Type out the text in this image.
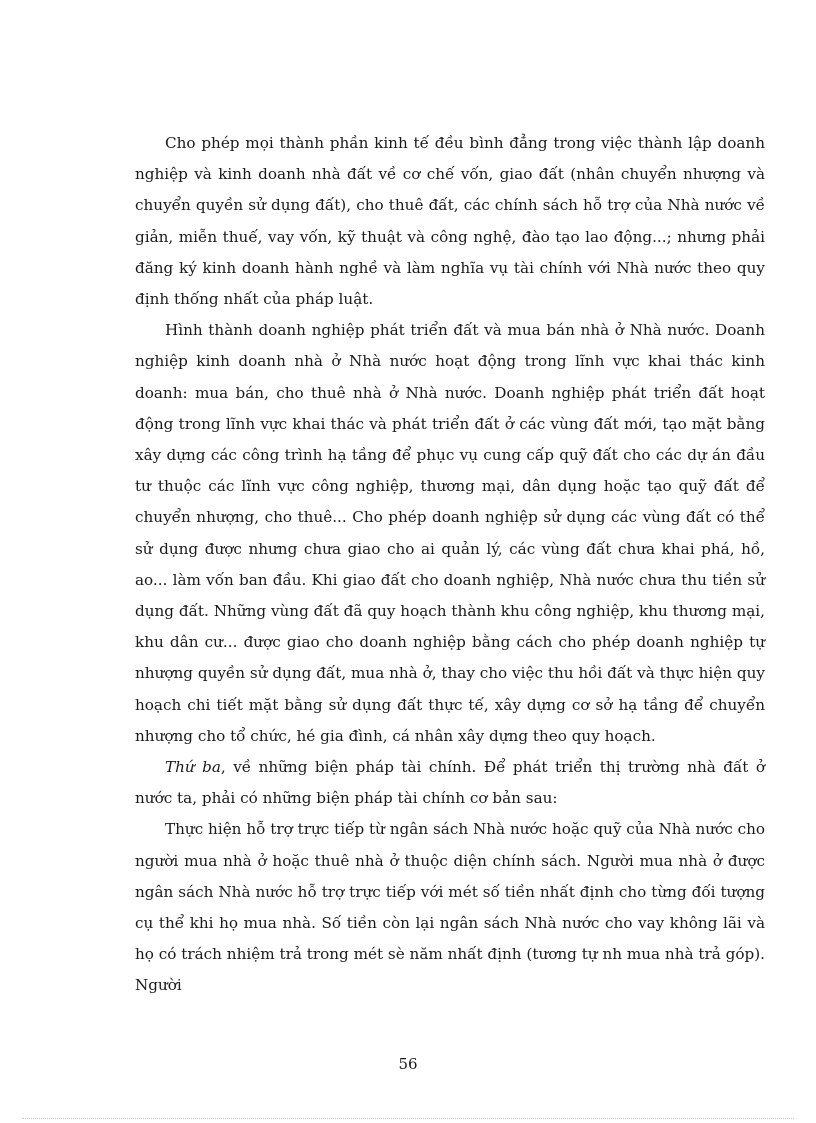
Cho phép mọi thành phần kinh tế đều bình đẳng trong việc thành lập doanh nghiệp và kinh doanh nhà đất về cơ chế vốn, giao đất (nhân chuyển nhượng và chuyển quyền sử dụng đất), cho thuê đất, các chính sách hỗ trợ của Nhà nước về giản, miễn thuế, vay vốn, kỹ thuật và công nghệ, đào tạo lao động...; nhưng phải đăng ký kinh doanh hành nghề và làm nghĩa vụ tài chính với Nhà nước theo quy định thống nhất của pháp luật.

Hình thành doanh nghiệp phát triển đất và mua bán nhà ở Nhà nước. Doanh nghiệp kinh doanh nhà ở Nhà nước hoạt động trong lĩnh vực khai thác kinh doanh: mua bán, cho thuê nhà ở Nhà nước. Doanh nghiệp phát triển đất hoạt động trong lĩnh vực khai thác và phát triển đất ở các vùng đất mới, tạo mặt bằng xây dựng các công trình hạ tầng để phục vụ cung cấp quỹ đất cho các dự án đầu tư thuộc các lĩnh vực công nghiệp, thương mại, dân dụng hoặc tạo quỹ đất để chuyển nhượng, cho thuê... Cho phép doanh nghiệp sử dụng các vùng đất có thể sử dụng được nhưng chưa giao cho ai quản lý, các vùng đất chưa khai phá, hồ, ao... làm vốn ban đầu. Khi giao đất cho doanh nghiệp, Nhà nước chưa thu tiền sử dụng đất. Những vùng đất đã quy hoạch thành khu công nghiệp, khu thương mại, khu dân cư... được giao cho doanh nghiệp bằng cách cho phép doanh nghiệp tự nhượng quyền sử dụng đất, mua nhà ở, thay cho việc thu hồi đất và thực hiện quy hoạch chi tiết mặt bằng sử dụng đất thực tế, xây dựng cơ sở hạ tầng để chuyển nhượng cho tổ chức, hé gia đình, cá nhân xây dựng theo quy hoạch.

Thứ ba, về những biện pháp tài chính. Để phát triển thị trường nhà đất ở nước ta, phải có những biện pháp tài chính cơ bản sau:

Thực hiện hỗ trợ trực tiếp từ ngân sách Nhà nước hoặc quỹ của Nhà nước cho người mua nhà ở hoặc thuê nhà ở thuộc diện chính sách. Người mua nhà ở được ngân sách Nhà nước hỗ trợ trực tiếp với mét số tiền nhất định cho từng đối tượng cụ thể khi họ mua nhà. Số tiền còn lại ngân sách Nhà nước cho vay không lãi và họ có trách nhiệm trả trong mét sè năm nhất định (tương tự nh mua nhà trả góp). Người

56
